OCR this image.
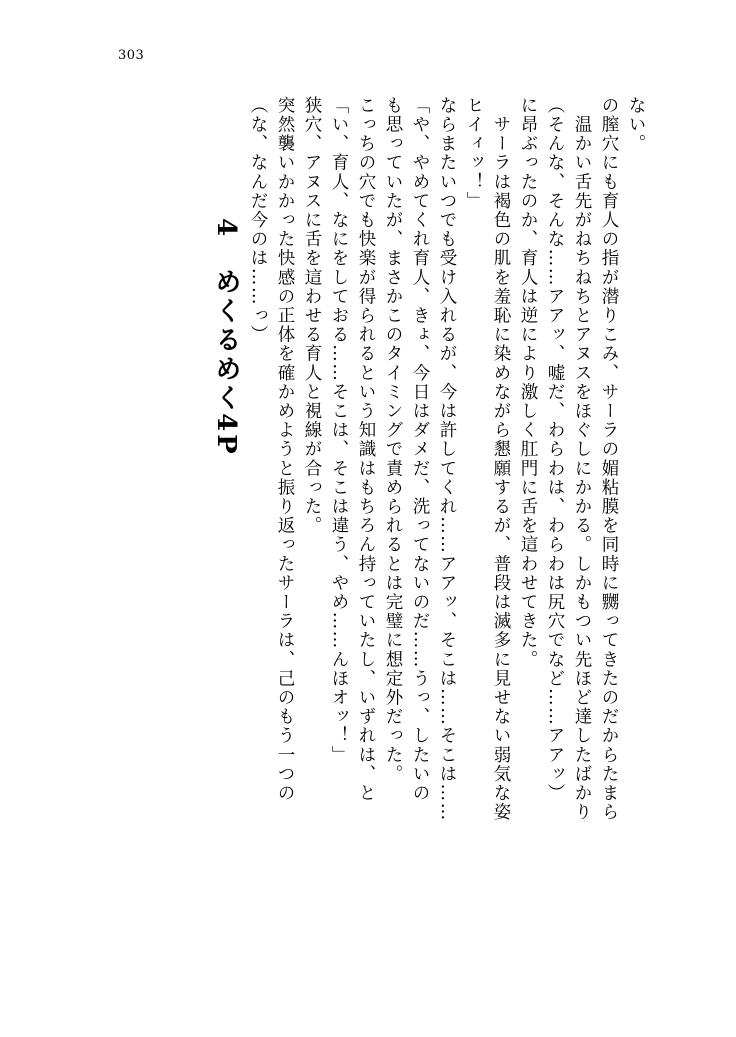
303
4　めくるめく4P （な、なんだ今のは……っ） 突然襲いかかった快感の正体を確かめようと振り返ったサーラは、己のもう一つの 狭穴、アヌスに舌を這わせる育人と視線が合った。 「い、育人、なにをしておる……そこは、そこは違う、やめ……んほオッ！」 こっちの穴でも快楽が得られるという知識はもちろん持っていたし、いずれは、と も思っていたが、まさかこのタイミングで責められるとは完璧に想定外だった。 「や、やめてくれ育人、きょ、今日はダメだ、洗ってないのだ……うっ、したいの ならまたいつでも受け入れるが、今は許してくれ……アアッ、そこは……そこは…… ヒイィッ！」 　サーラは褐色の肌を羞恥に染めながら懇願するが、普段は滅多に見せない弱気な姿 に昂ぶったのか、育人は逆により激しく肛門に舌を這わせてきた。 （そんな、そんな……アアッ、嘘だ、わらわは、わらわは尻穴でなど……アアッ） 　温かい舌先がねちねちとアヌスをほぐしにかかる。しかもつい先ほど達したばかり の膣穴にも育人の指が潜りこみ、サーラの媚粘膜を同時に嬲ってきたのだからたまら ない。
